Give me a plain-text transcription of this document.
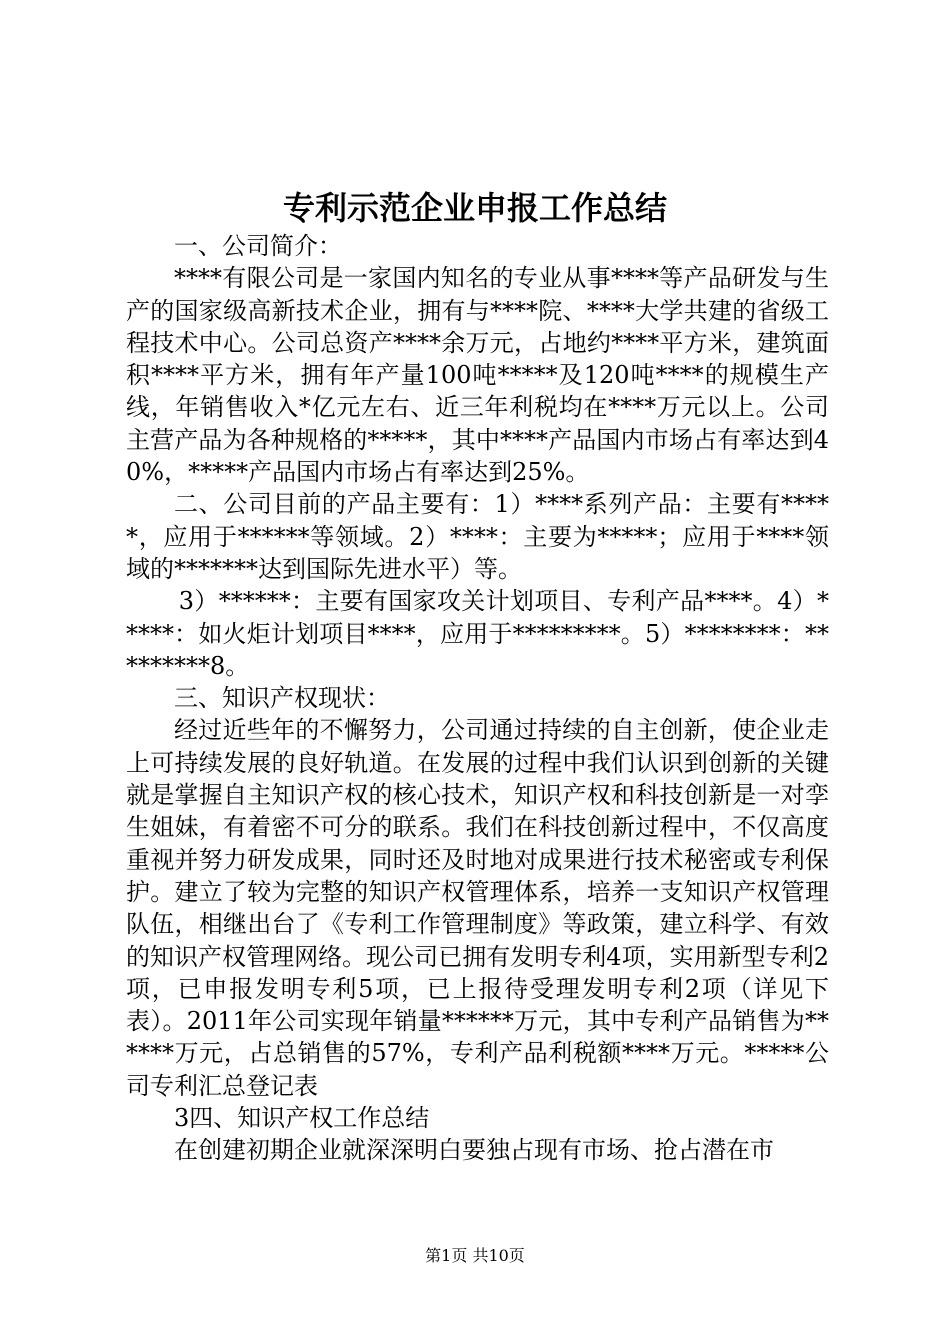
专利示范企业申报工作总结

一、公司简介：

****有限公司是一家国内知名的专业从事****等产品研发与生产的国家级高新技术企业，拥有与****院、****大学共建的省级工程技术中心。公司总资产****余万元，占地约****平方米，建筑面积****平方米，拥有年产量100吨*****及120吨****的规模生产线，年销售收入*亿元左右、近三年利税均在****万元以上。公司主营产品为各种规格的*****，其中****产品国内市场占有率达到40%，*****产品国内市场占有率达到25%。

二、公司目前的产品主要有：1）****系列产品：主要有*****，应用于******等领域。2）****：主要为*****；应用于****领域的*******达到国际先进水平）等。

3）******：主要有国家攻关计划项目、专利产品****。4）*****：如火炬计划项目****，应用于*********。5）********：*********8。

三、知识产权现状：

经过近些年的不懈努力，公司通过持续的自主创新，使企业走上可持续发展的良好轨道。在发展的过程中我们认识到创新的关键就是掌握自主知识产权的核心技术，知识产权和科技创新是一对孪生姐妹，有着密不可分的联系。我们在科技创新过程中，不仅高度重视并努力研发成果，同时还及时地对成果进行技术秘密或专利保护。建立了较为完整的知识产权管理体系，培养一支知识产权管理队伍，相继出台了《专利工作管理制度》等政策，建立科学、有效的知识产权管理网络。现公司已拥有发明专利4项，实用新型专利2项，已申报发明专利5项，已上报待受理发明专利2项（详见下表）。2011年公司实现年销量******万元，其中专利产品销售为******万元，占总销售的57%，专利产品利税额****万元。*****公司专利汇总登记表

3四、知识产权工作总结

在创建初期企业就深深明白要独占现有市场、抢占潜在市

第1页 共10页
